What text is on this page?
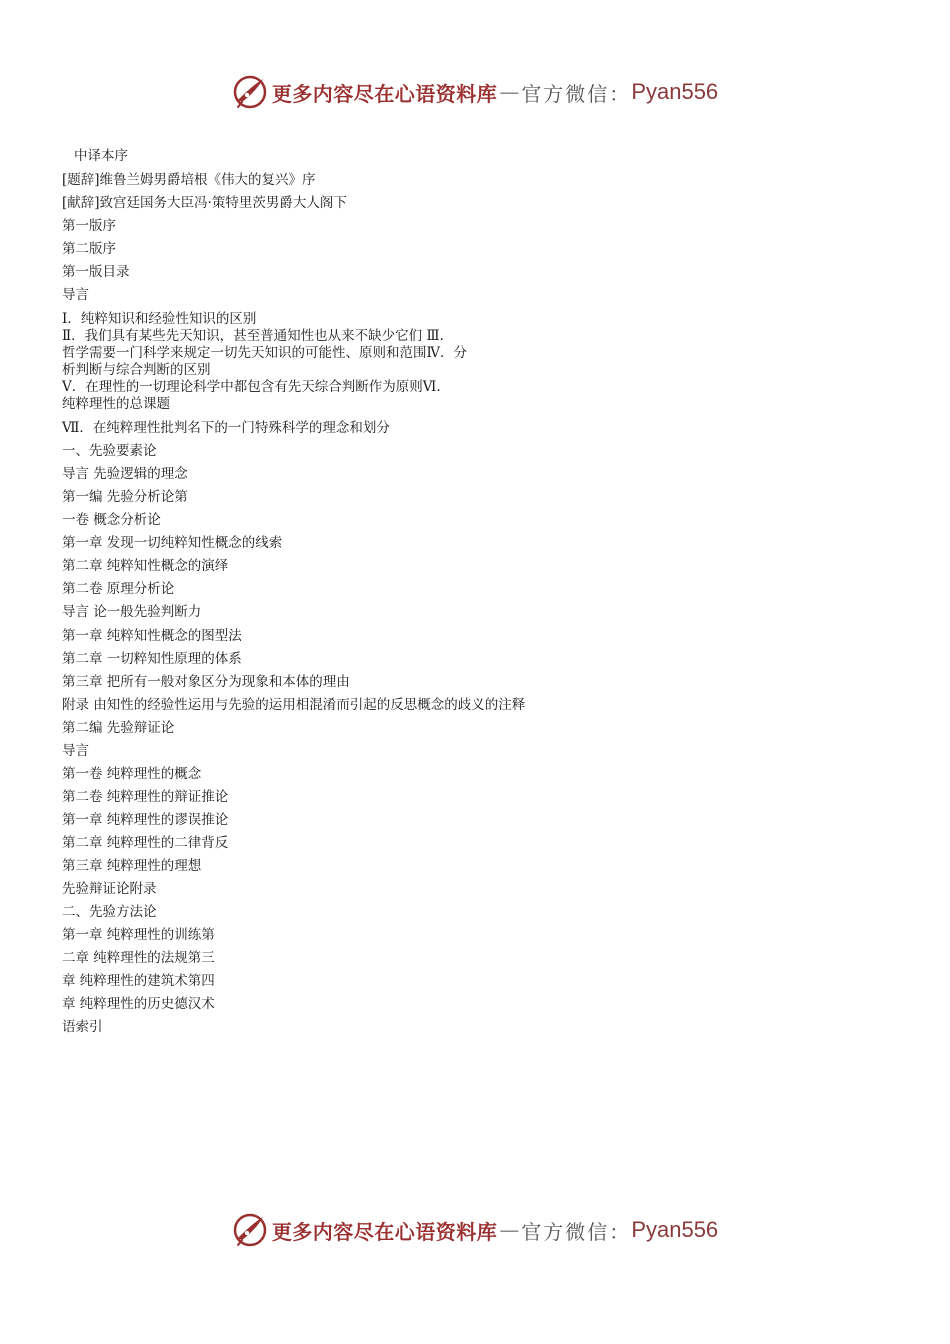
更多内容尽在心语资料库 — 官方微信： Pyan556
中译本序
[题辞]维鲁兰姆男爵培根《伟大的复兴》序
[献辞]致宫廷国务大臣冯·策特里茨男爵大人阁下
第一版序
第二版序
第一版目录
导言
Ⅰ．纯粹知识和经验性知识的区别
Ⅱ．我们具有某些先天知识，甚至普通知性也从来不缺少它们 Ⅲ.
哲学需要一门科学来规定一切先天知识的可能性、原则和范围Ⅳ．分
析判断与综合判断的区别
Ⅴ．在理性的一切理论科学中都包含有先天综合判断作为原则Ⅵ.
纯粹理性的总课题
Ⅶ．在纯粹理性批判名下的一门特殊科学的理念和划分
一、先验要素论
导言 先验逻辑的理念
第一编 先验分析论第
一卷 概念分析论
第一章 发现一切纯粹知性概念的线索
第二章 纯粹知性概念的演绎
第二卷 原理分析论
导言 论一般先验判断力
第一章 纯粹知性概念的图型法
第二章 一切粹知性原理的体系
第三章 把所有一般对象区分为现象和本体的理由
附录 由知性的经验性运用与先验的运用相混淆而引起的反思概念的歧义的注释
第二编 先验辩证论
导言
第一卷 纯粹理性的概念
第二卷 纯粹理性的辩证推论
第一章 纯粹理性的谬误推论
第二章 纯粹理性的二律背反
第三章 纯粹理性的理想
先验辩证论附录
二、先验方法论
第一章 纯粹理性的训练第
二章 纯粹理性的法规第三
章 纯粹理性的建筑术第四
章 纯粹理性的历史德汉术
语索引
更多内容尽在心语资料库 — 官方微信： Pyan556
